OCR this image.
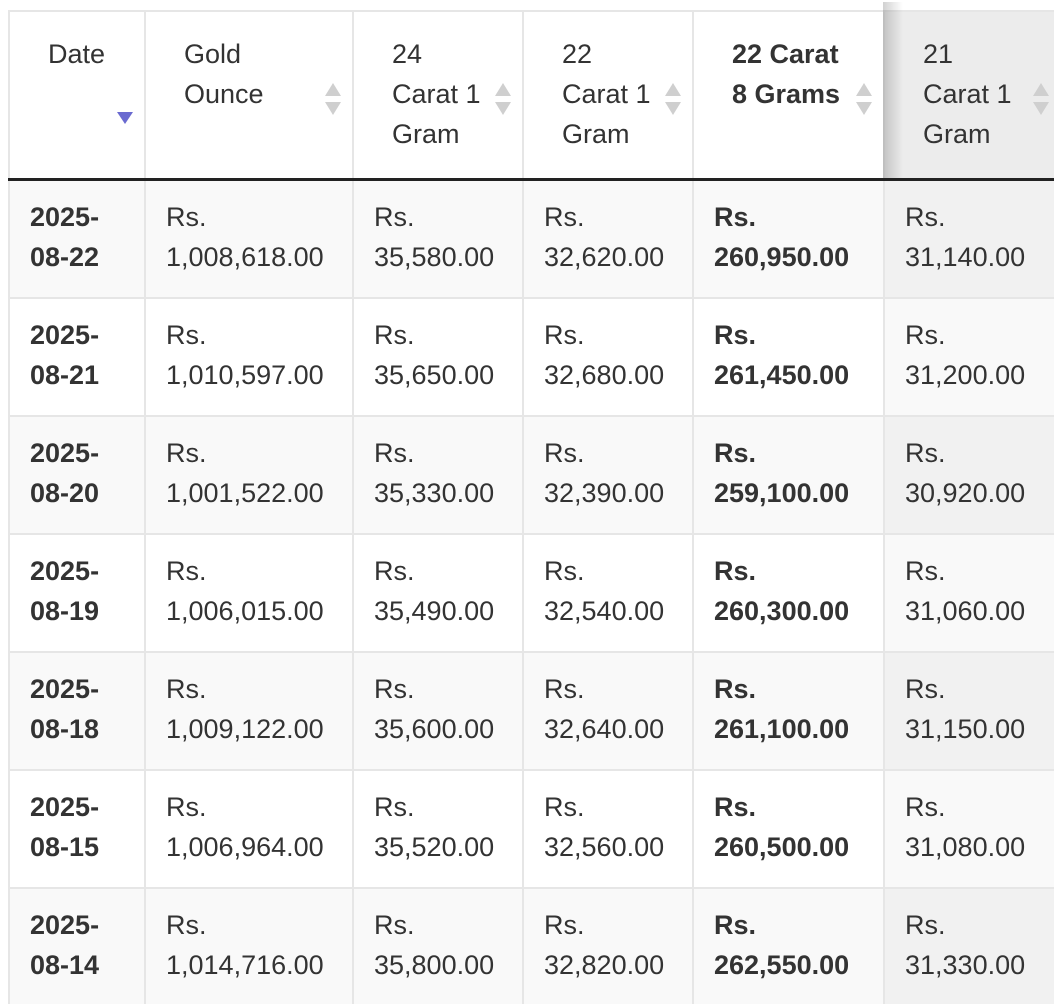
Date	Gold
Ounce	24
Carat 1
Gram	22
Carat 1
Gram	22 Carat
8 Grams	21
Carat 1
Gram

2025-
08-22	Rs.
1,008,618.00	Rs.
35,580.00	Rs.
32,620.00	Rs.
260,950.00	Rs.
31,140.00

2025-
08-21	Rs.
1,010,597.00	Rs.
35,650.00	Rs.
32,680.00	Rs.
261,450.00	Rs.
31,200.00

2025-
08-20	Rs.
1,001,522.00	Rs.
35,330.00	Rs.
32,390.00	Rs.
259,100.00	Rs.
30,920.00

2025-
08-19	Rs.
1,006,015.00	Rs.
35,490.00	Rs.
32,540.00	Rs.
260,300.00	Rs.
31,060.00

2025-
08-18	Rs.
1,009,122.00	Rs.
35,600.00	Rs.
32,640.00	Rs.
261,100.00	Rs.
31,150.00

2025-
08-15	Rs.
1,006,964.00	Rs.
35,520.00	Rs.
32,560.00	Rs.
260,500.00	Rs.
31,080.00

2025-
08-14	Rs.
1,014,716.00	Rs.
35,800.00	Rs.
32,820.00	Rs.
262,550.00	Rs.
31,330.00
